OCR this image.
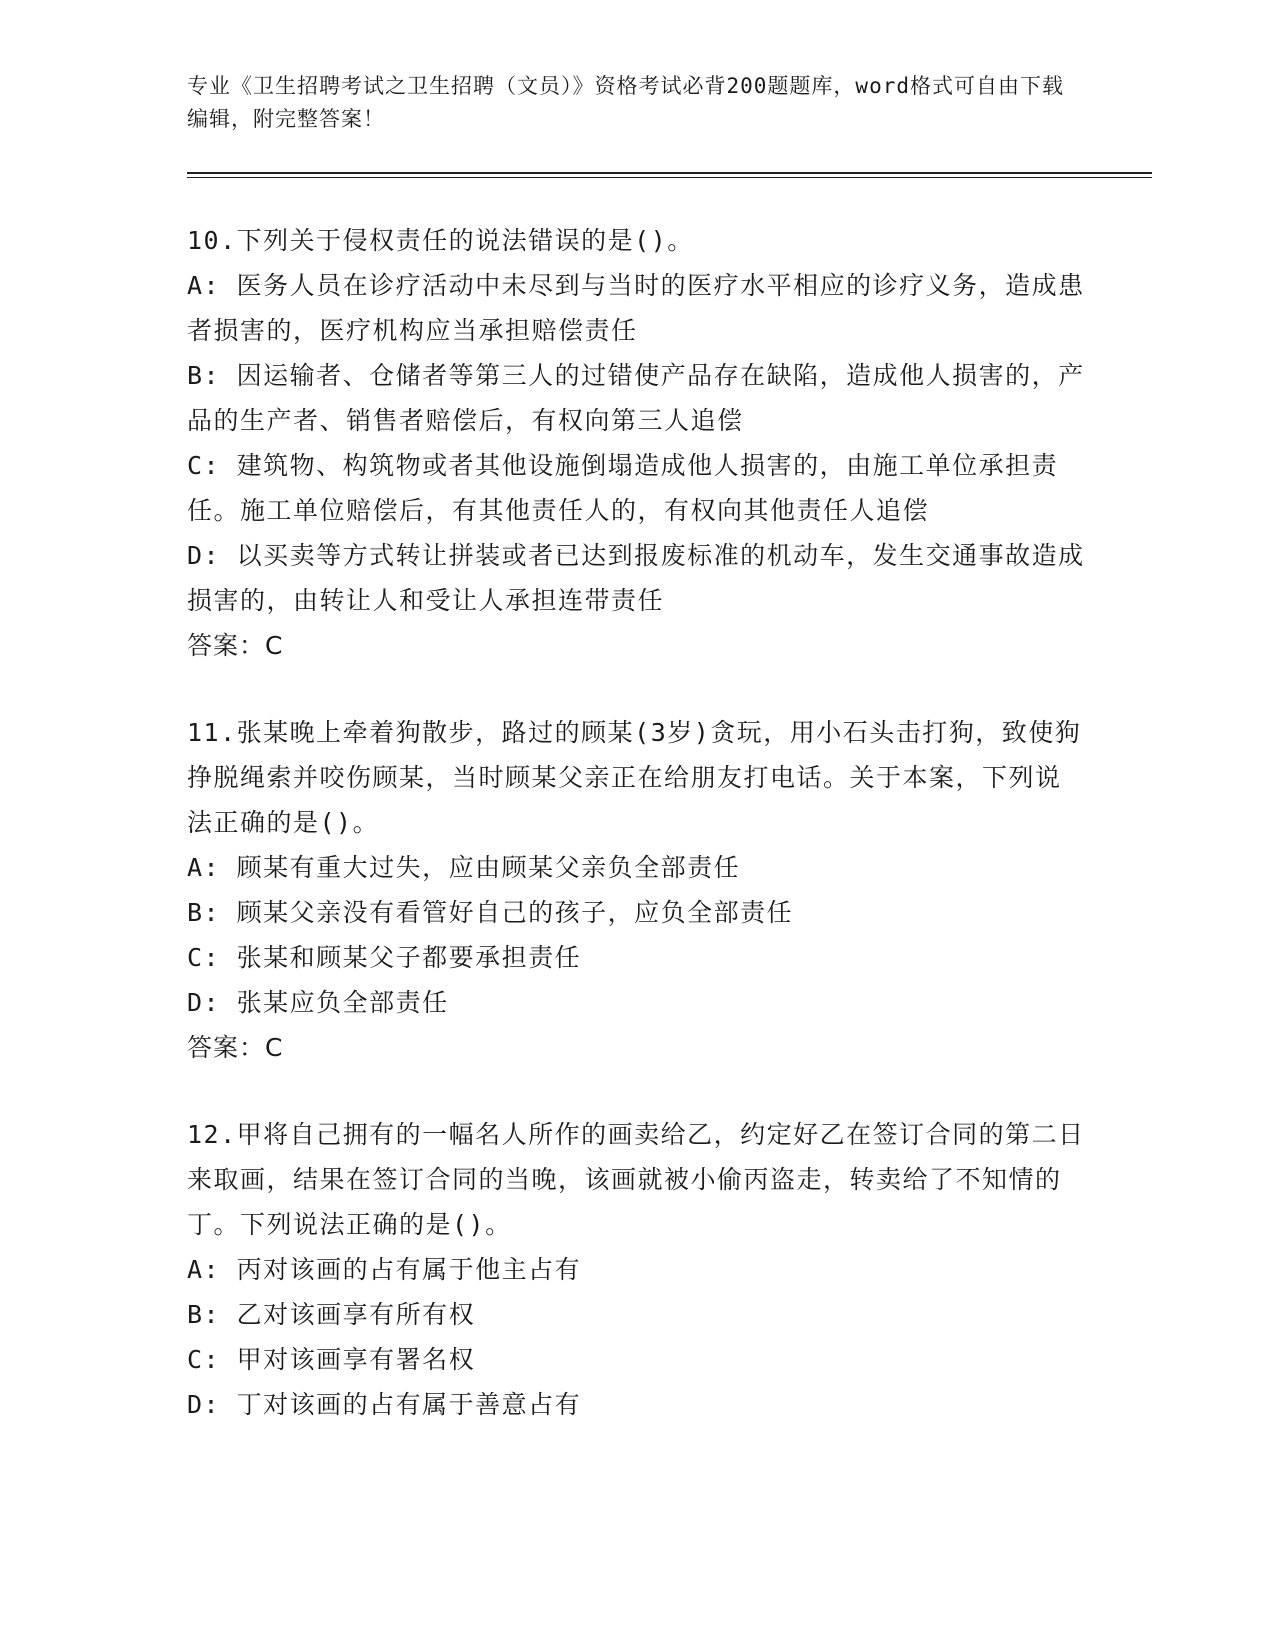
专业《卫生招聘考试之卫生招聘（文员）》资格考试必背200题题库，word格式可自由下载编辑，附完整答案！

10.下列关于侵权责任的说法错误的是()。

A: 医务人员在诊疗活动中未尽到与当时的医疗水平相应的诊疗义务，造成患者损害的，医疗机构应当承担赔偿责任

B: 因运输者、仓储者等第三人的过错使产品存在缺陷，造成他人损害的，产品的生产者、销售者赔偿后，有权向第三人追偿

C: 建筑物、构筑物或者其他设施倒塌造成他人损害的，由施工单位承担责任。施工单位赔偿后，有其他责任人的，有权向其他责任人追偿

D: 以买卖等方式转让拼装或者已达到报废标准的机动车，发生交通事故造成损害的，由转让人和受让人承担连带责任

答案：C

11.张某晚上牵着狗散步，路过的顾某(3岁)贪玩，用小石头击打狗，致使狗挣脱绳索并咬伤顾某，当时顾某父亲正在给朋友打电话。关于本案，下列说法正确的是()。

A: 顾某有重大过失，应由顾某父亲负全部责任

B: 顾某父亲没有看管好自己的孩子，应负全部责任

C: 张某和顾某父子都要承担责任

D: 张某应负全部责任

答案：C

12.甲将自己拥有的一幅名人所作的画卖给乙，约定好乙在签订合同的第二日来取画，结果在签订合同的当晚，该画就被小偷丙盗走，转卖给了不知情的丁。下列说法正确的是()。

A: 丙对该画的占有属于他主占有

B: 乙对该画享有所有权

C: 甲对该画享有署名权

D: 丁对该画的占有属于善意占有
